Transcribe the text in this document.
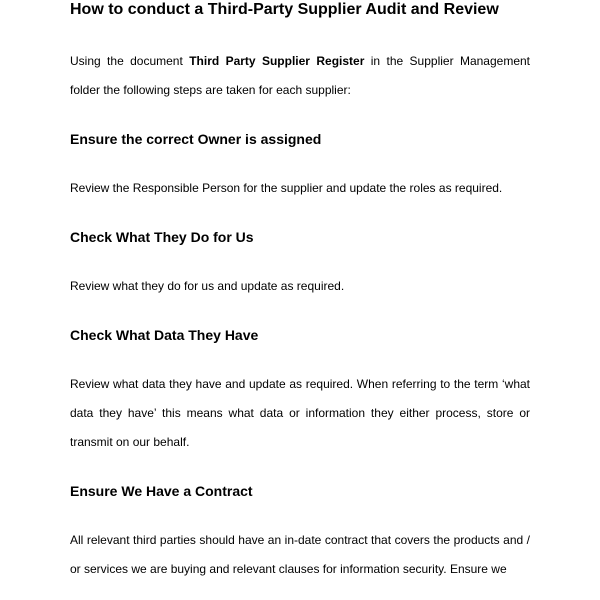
How to conduct a Third-Party Supplier Audit and Review

Using the document Third Party Supplier Register in the Supplier Management folder the following steps are taken for each supplier:

Ensure the correct Owner is assigned

Review the Responsible Person for the supplier and update the roles as required.

Check What They Do for Us

Review what they do for us and update as required.

Check What Data They Have

Review what data they have and update as required. When referring to the term ‘what data they have’ this means what data or information they either process, store or transmit on our behalf.

Ensure We Have a Contract

All relevant third parties should have an in-date contract that covers the products and / or services we are buying and relevant clauses for information security. Ensure we
